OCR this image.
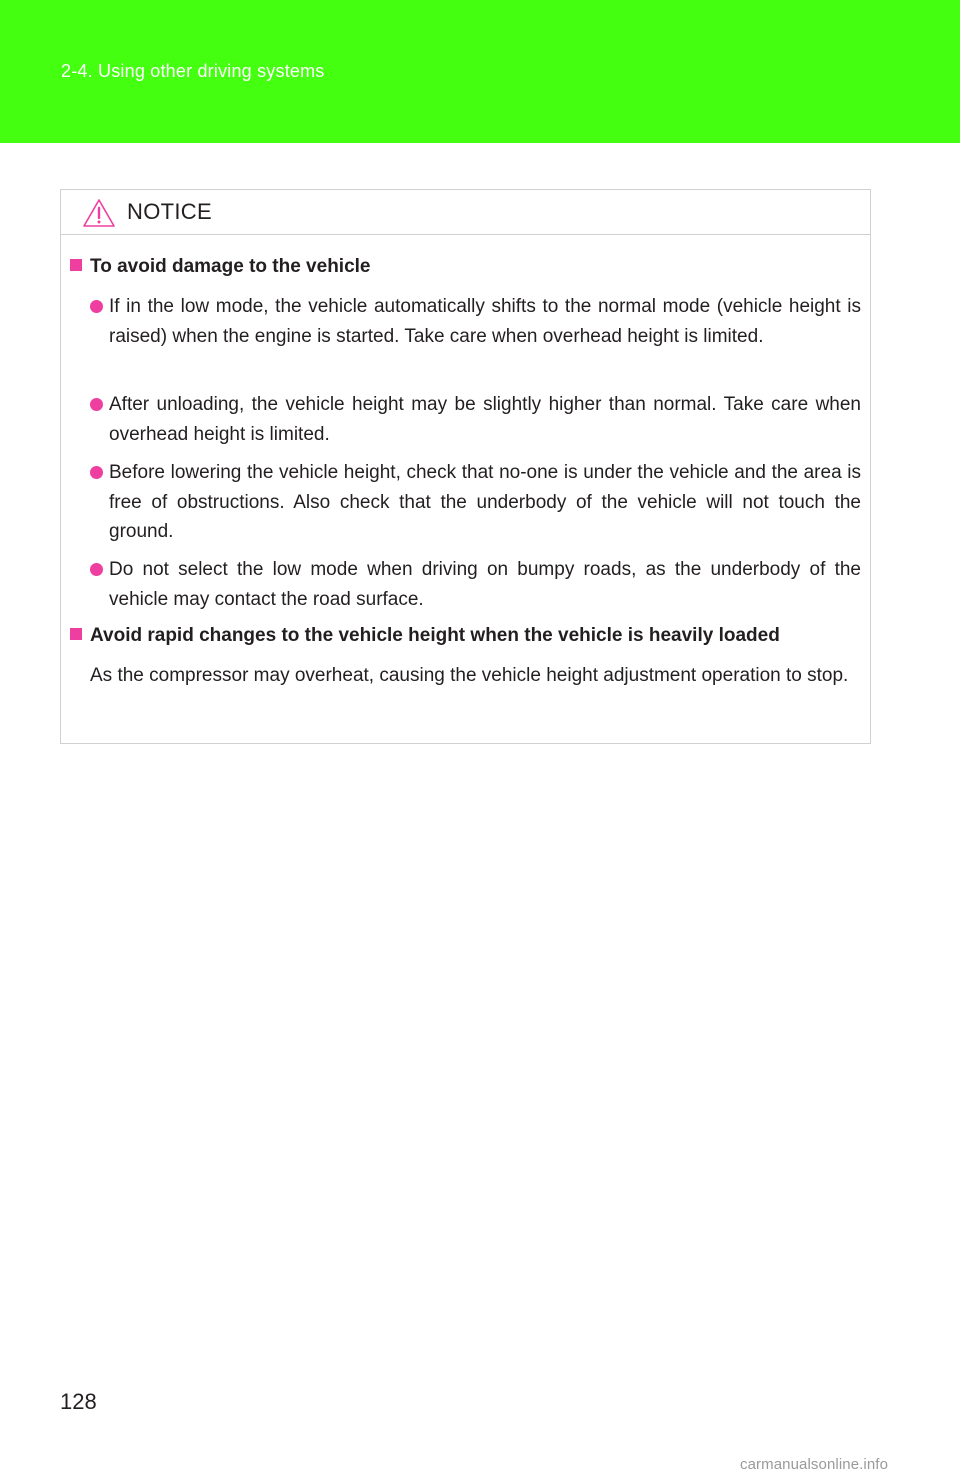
2-4. Using other driving systems
NOTICE
To avoid damage to the vehicle
If in the low mode, the vehicle automatically shifts to the normal mode (vehicle height is raised) when the engine is started. Take care when overhead height is limited.
After unloading, the vehicle height may be slightly higher than normal. Take care when overhead height is limited.
Before lowering the vehicle height, check that no-one is under the vehicle and the area is free of obstructions. Also check that the underbody of the vehicle will not touch the ground.
Do not select the low mode when driving on bumpy roads, as the underbody of the vehicle may contact the road surface.
Avoid rapid changes to the vehicle height when the vehicle is heavily loaded
As the compressor may overheat, causing the vehicle height adjustment operation to stop.
128
carmanualsonline.info
